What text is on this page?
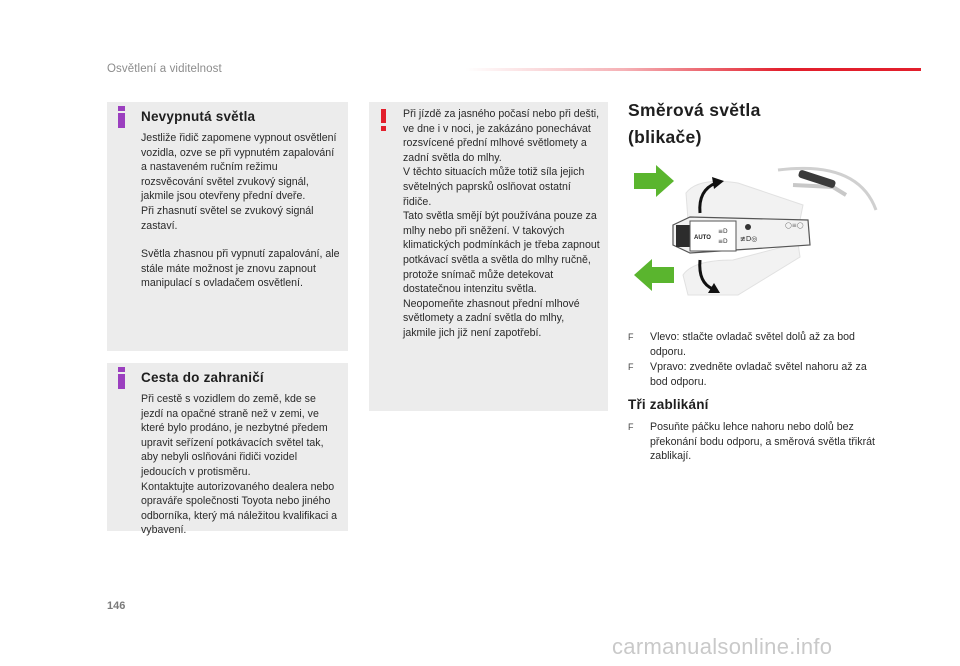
Osvětlení a viditelnost
Nevypnutá světla

Jestliže řidič zapomene vypnout osvětlení vozidla, ozve se při vypnutém zapalování a nastaveném ručním režimu rozsvěcování světel zvukový signál, jakmile jsou otevřeny přední dveře.
Při zhasnutí světel se zvukový signál zastaví.

Světla zhasnou při vypnutí zapalování, ale stále máte možnost je znovu zapnout manipulací s ovladačem osvětlení.

Cesta do zahraničí

Při cestě s vozidlem do země, kde se jezdí na opačné straně než v zemi, ve které bylo prodáno, je nezbytné předem upravit seřízení potkávacích světel tak, aby nebyli oslňováni řidiči vozidel jedoucích v protisměru.
Kontaktujte autorizovaného dealera nebo opraváře společnosti Toyota nebo jiného odborníka, který má náležitou kvalifikaci a vybavení.

Při jízdě za jasného počasí nebo při dešti, ve dne i v noci, je zakázáno ponechávat rozsvícené přední mlhové světlomety a zadní světla do mlhy.
V těchto situacích může totiž síla jejich světelných paprsků oslňovat ostatní řidiče.
Tato světla smějí být používána pouze za mlhy nebo při sněžení. V takových klimatických podmínkách je třeba zapnout potkávací světla a světla do mlhy ručně, protože snímač může detekovat dostatečnou intenzitu světla.
Neopomeňte zhasnout přední mlhové světlomety a zadní světla do mlhy, jakmile jich již není zapotřebí.

Směrová světla
(blikače)
AUTO
≡D
≡D ≢D◎
◯≡◯
F Vlevo: stlačte ovladač světel dolů až za bod odporu.
F Vpravo: zvedněte ovladač světel nahoru až za bod odporu.
Tři zablikání
F Posuňte páčku lehce nahoru nebo dolů bez překonání bodu odporu, a směrová světla třikrát zablikají.
146
carmanualsonline.info
